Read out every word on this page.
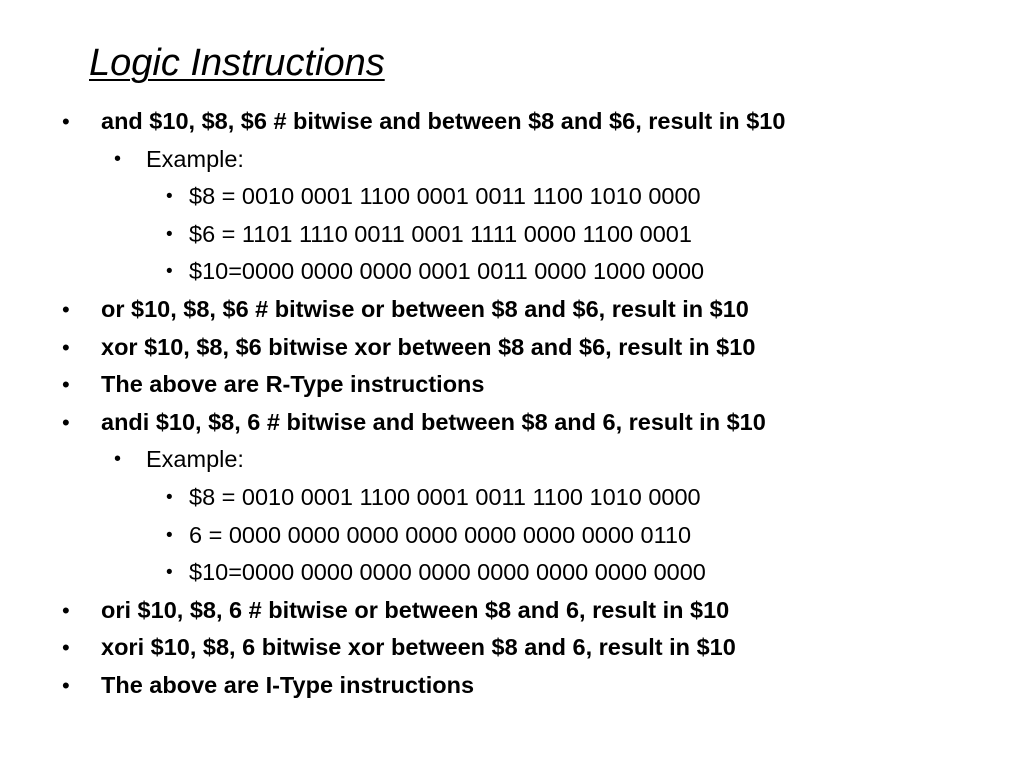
Logic Instructions
• and $10, $8, $6 # bitwise and between $8 and $6, result in $10
• Example:
• $8 = 0010 0001 1100 0001 0011 1100 1010 0000
• $6 = 1101 1110 0011 0001 1111 0000 1100 0001
• $10=0000 0000 0000 0001 0011 0000 1000 0000
• or $10, $8, $6 # bitwise or between $8 and $6, result in $10
• xor $10, $8, $6 bitwise xor between $8 and $6, result in $10
• The above are R-Type instructions
• andi $10, $8, 6 # bitwise and between $8 and 6, result in $10
• Example:
• $8 = 0010 0001 1100 0001 0011 1100 1010 0000
• 6 = 0000 0000 0000 0000 0000 0000 0000 0110
• $10=0000 0000 0000 0000 0000 0000 0000 0000
• ori $10, $8, 6 # bitwise or between $8 and 6, result in $10
• xori $10, $8, 6 bitwise xor between $8 and 6, result in $10
• The above are I-Type instructions
